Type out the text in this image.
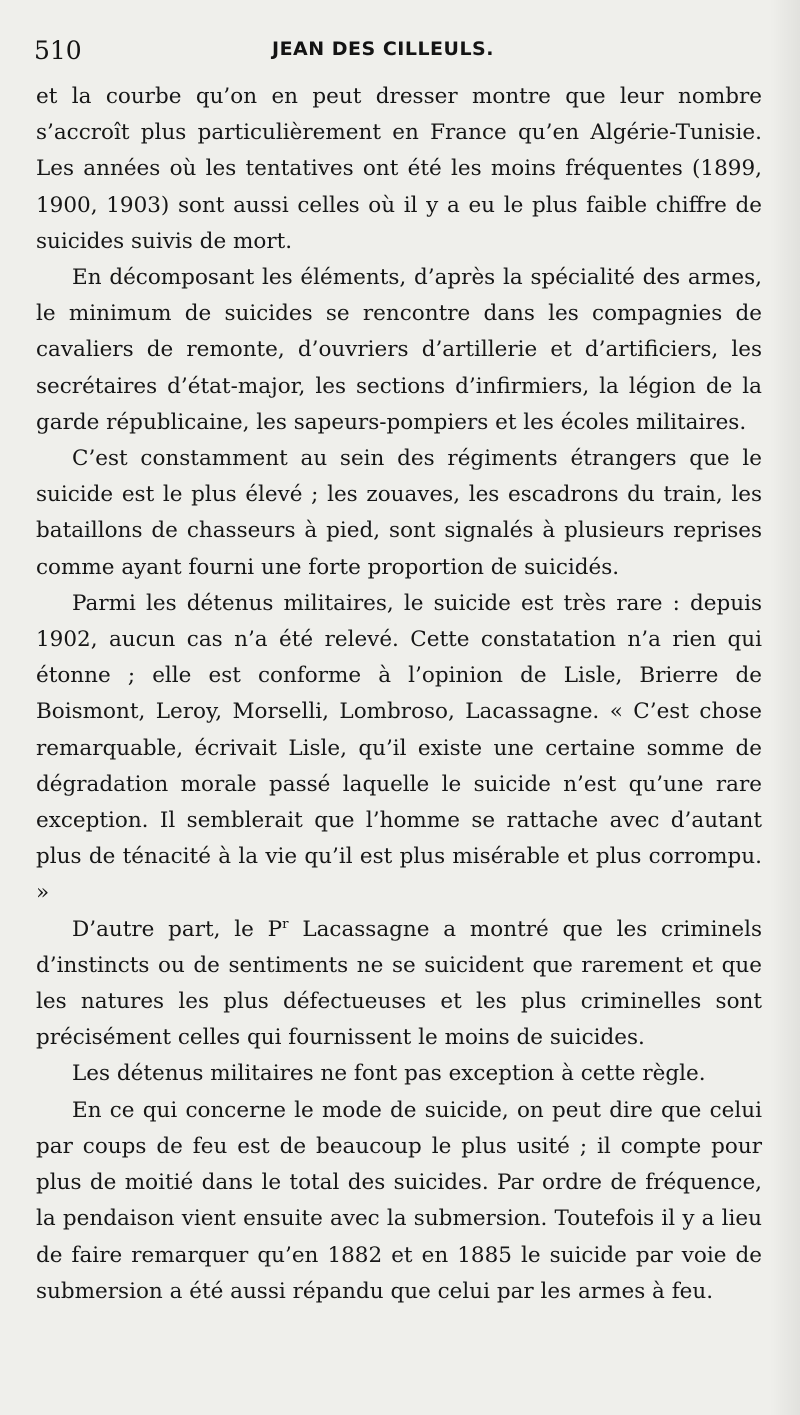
510	JEAN DES CILLEULS.

et la courbe qu’on en peut dresser montre que leur nombre s’accroît plus particulièrement en France qu’en Algérie-Tunisie. Les années où les tentatives ont été les moins fréquentes (1899, 1900, 1903) sont aussi celles où il y a eu le plus faible chiffre de suicides suivis de mort.

En décomposant les éléments, d’après la spécialité des armes, le minimum de suicides se rencontre dans les compagnies de cavaliers de remonte, d’ouvriers d’artillerie et d’artificiers, les secrétaires d’état-major, les sections d’infirmiers, la légion de la garde républicaine, les sapeurs-pompiers et les écoles militaires.

C’est constamment au sein des régiments étrangers que le suicide est le plus élevé ; les zouaves, les escadrons du train, les bataillons de chasseurs à pied, sont signalés à plusieurs reprises comme ayant fourni une forte proportion de suicidés.

Parmi les détenus militaires, le suicide est très rare : depuis 1902, aucun cas n’a été relevé. Cette constatation n’a rien qui étonne ; elle est conforme à l’opinion de Lisle, Brierre de Boismont, Leroy, Morselli, Lombroso, Lacassagne. « C’est chose remarquable, écrivait Lisle, qu’il existe une certaine somme de dégradation morale passé laquelle le suicide n’est qu’une rare exception. Il semblerait que l’homme se rattache avec d’autant plus de ténacité à la vie qu’il est plus misérable et plus corrompu. »

D’autre part, le $P^r$ Lacassagne a montré que les criminels d’instincts ou de sentiments ne se suicident que rarement et que les natures les plus défectueuses et les plus criminelles sont précisément celles qui fournissent le moins de suicides.

Les détenus militaires ne font pas exception à cette règle.

En ce qui concerne le mode de suicide, on peut dire que celui par coups de feu est de beaucoup le plus usité ; il compte pour plus de moitié dans le total des suicides. Par ordre de fréquence, la pendaison vient ensuite avec la submersion. Toutefois il y a lieu de faire remarquer qu’en 1882 et en 1885 le suicide par voie de submersion a été aussi répandu que celui par les armes à feu.
